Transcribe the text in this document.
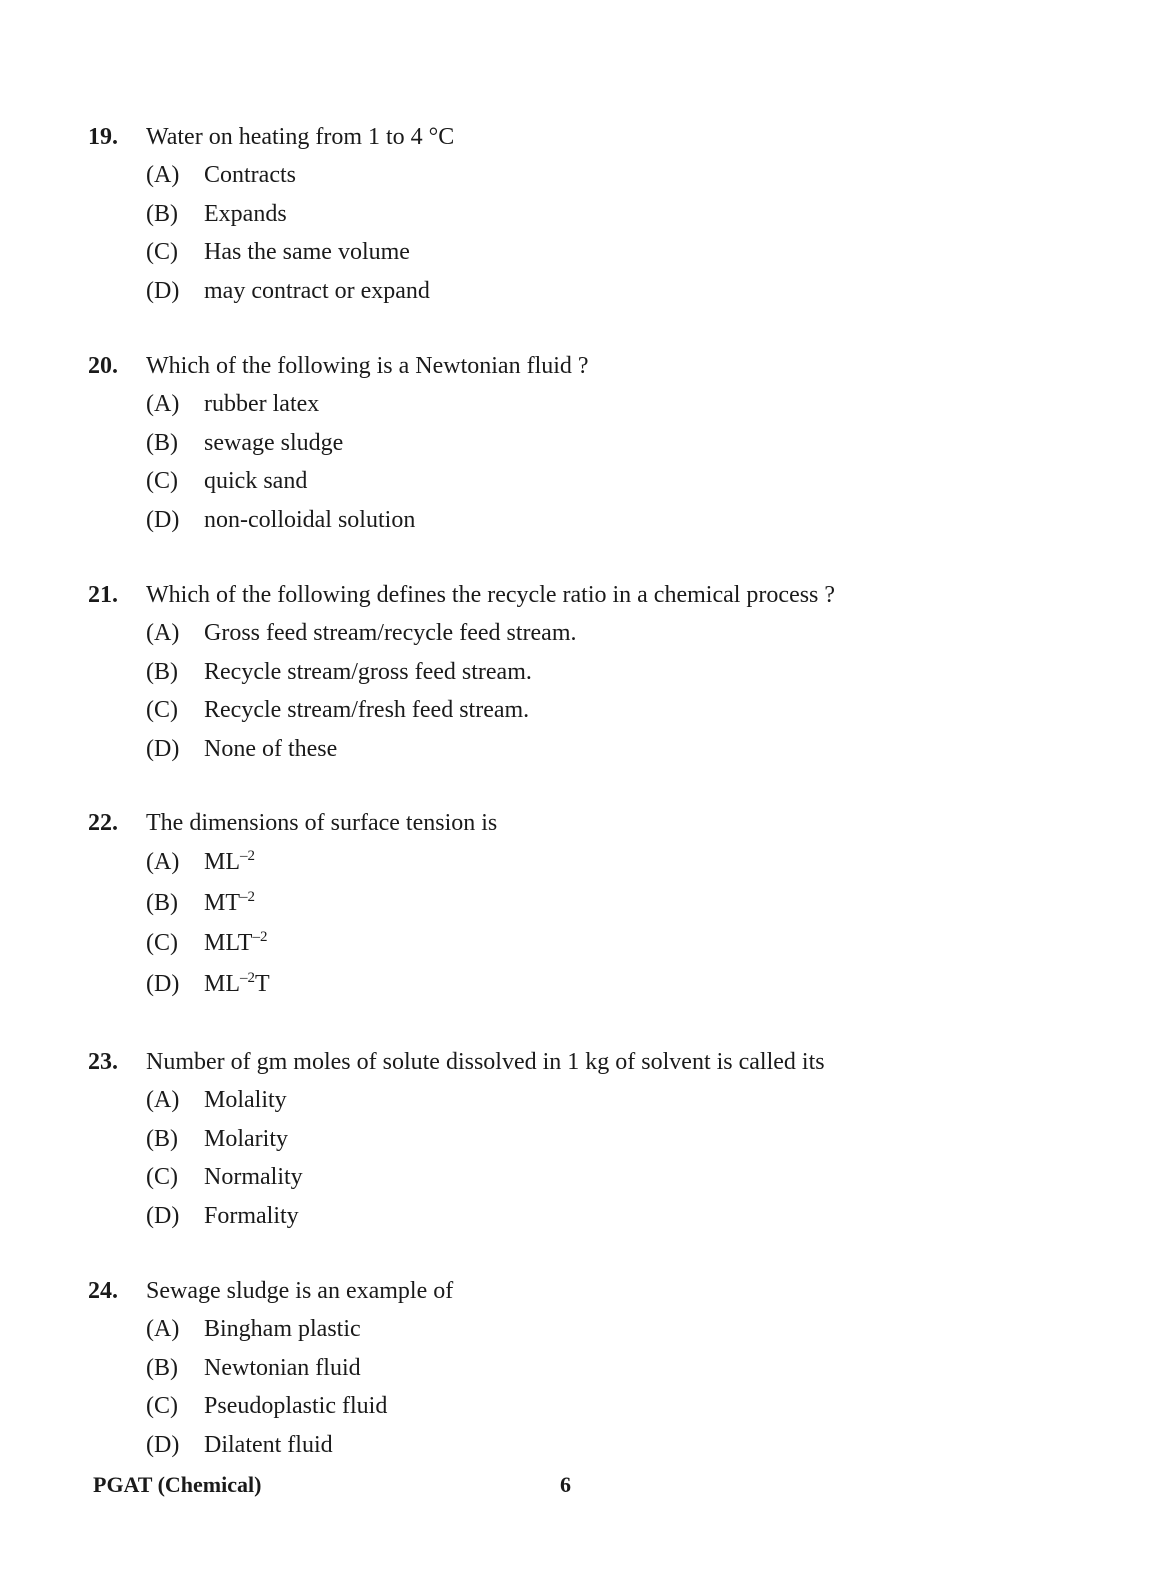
19. Water on heating from 1 to 4 °C
(A) Contracts
(B) Expands
(C) Has the same volume
(D) may contract or expand
20. Which of the following is a Newtonian fluid ?
(A) rubber latex
(B) sewage sludge
(C) quick sand
(D) non-colloidal solution
21. Which of the following defines the recycle ratio in a chemical process ?
(A) Gross feed stream/recycle feed stream.
(B) Recycle stream/gross feed stream.
(C) Recycle stream/fresh feed stream.
(D) None of these
22. The dimensions of surface tension is
(A) $ML^{-2}$
(B) $MT^{-2}$
(C) $MLT^{-2}$
(D) $ML^{-2}T$
23. Number of gm moles of solute dissolved in 1 kg of solvent is called its
(A) Molality
(B) Molarity
(C) Normality
(D) Formality
24. Sewage sludge is an example of
(A) Bingham plastic
(B) Newtonian fluid
(C) Pseudoplastic fluid
(D) Dilatent fluid
PGAT (Chemical)	6
